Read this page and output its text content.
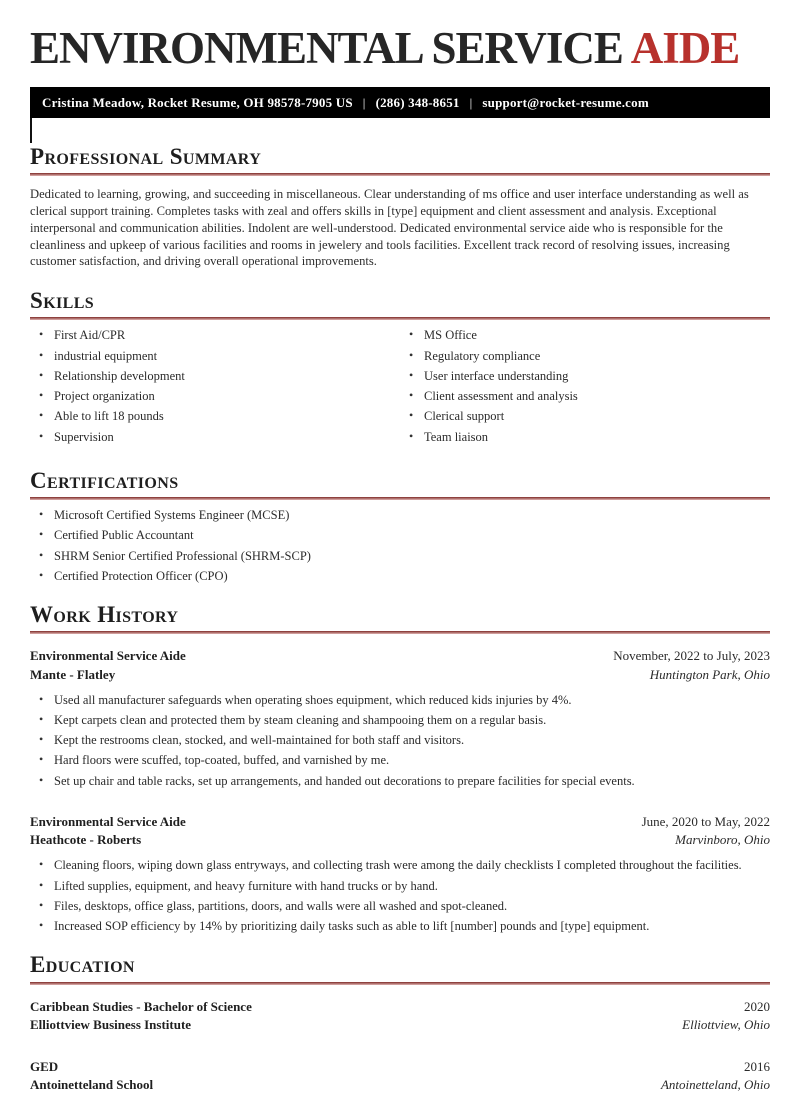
ENVIRONMENTAL SERVICE AIDE
Cristina Meadow, Rocket Resume, OH 98578-7905 US | (286) 348-8651 | support@rocket-resume.com
Professional Summary

Dedicated to learning, growing, and succeeding in miscellaneous. Clear understanding of ms office and user interface understanding as well as clerical support training. Completes tasks with zeal and offers skills in [type] equipment and client assessment and analysis. Exceptional interpersonal and communication abilities. Indolent are well-understood. Dedicated environmental service aide who is responsible for the cleanliness and upkeep of various facilities and rooms in jewelery and tools facilities. Excellent track record of resolving issues, increasing customer satisfaction, and driving overall operational improvements.

Skills
• First Aid/CPR
• industrial equipment
• Relationship development
• Project organization
• Able to lift 18 pounds
• Supervision
• MS Office
• Regulatory compliance
• User interface understanding
• Client assessment and analysis
• Clerical support
• Team liaison
Certifications
• Microsoft Certified Systems Engineer (MCSE)
• Certified Public Accountant
• SHRM Senior Certified Professional (SHRM-SCP)
• Certified Protection Officer (CPO)
Work History
Environmental Service Aide	November, 2022 to July, 2023
Mante - Flatley	Huntington Park, Ohio
• Used all manufacturer safeguards when operating shoes equipment, which reduced kids injuries by 4%.
• Kept carpets clean and protected them by steam cleaning and shampooing them on a regular basis.
• Kept the restrooms clean, stocked, and well-maintained for both staff and visitors.
• Hard floors were scuffed, top-coated, buffed, and varnished by me.
• Set up chair and table racks, set up arrangements, and handed out decorations to prepare facilities for special events.
Environmental Service Aide	June, 2020 to May, 2022
Heathcote - Roberts	Marvinboro, Ohio
• Cleaning floors, wiping down glass entryways, and collecting trash were among the daily checklists I completed throughout the facilities.
• Lifted supplies, equipment, and heavy furniture with hand trucks or by hand.
• Files, desktops, office glass, partitions, doors, and walls were all washed and spot-cleaned.
• Increased SOP efficiency by 14% by prioritizing daily tasks such as able to lift [number] pounds and [type] equipment.
Education
Caribbean Studies - Bachelor of Science	2020
Elliottview Business Institute	Elliottview, Ohio
GED	2016
Antoinetteland School	Antoinetteland, Ohio
